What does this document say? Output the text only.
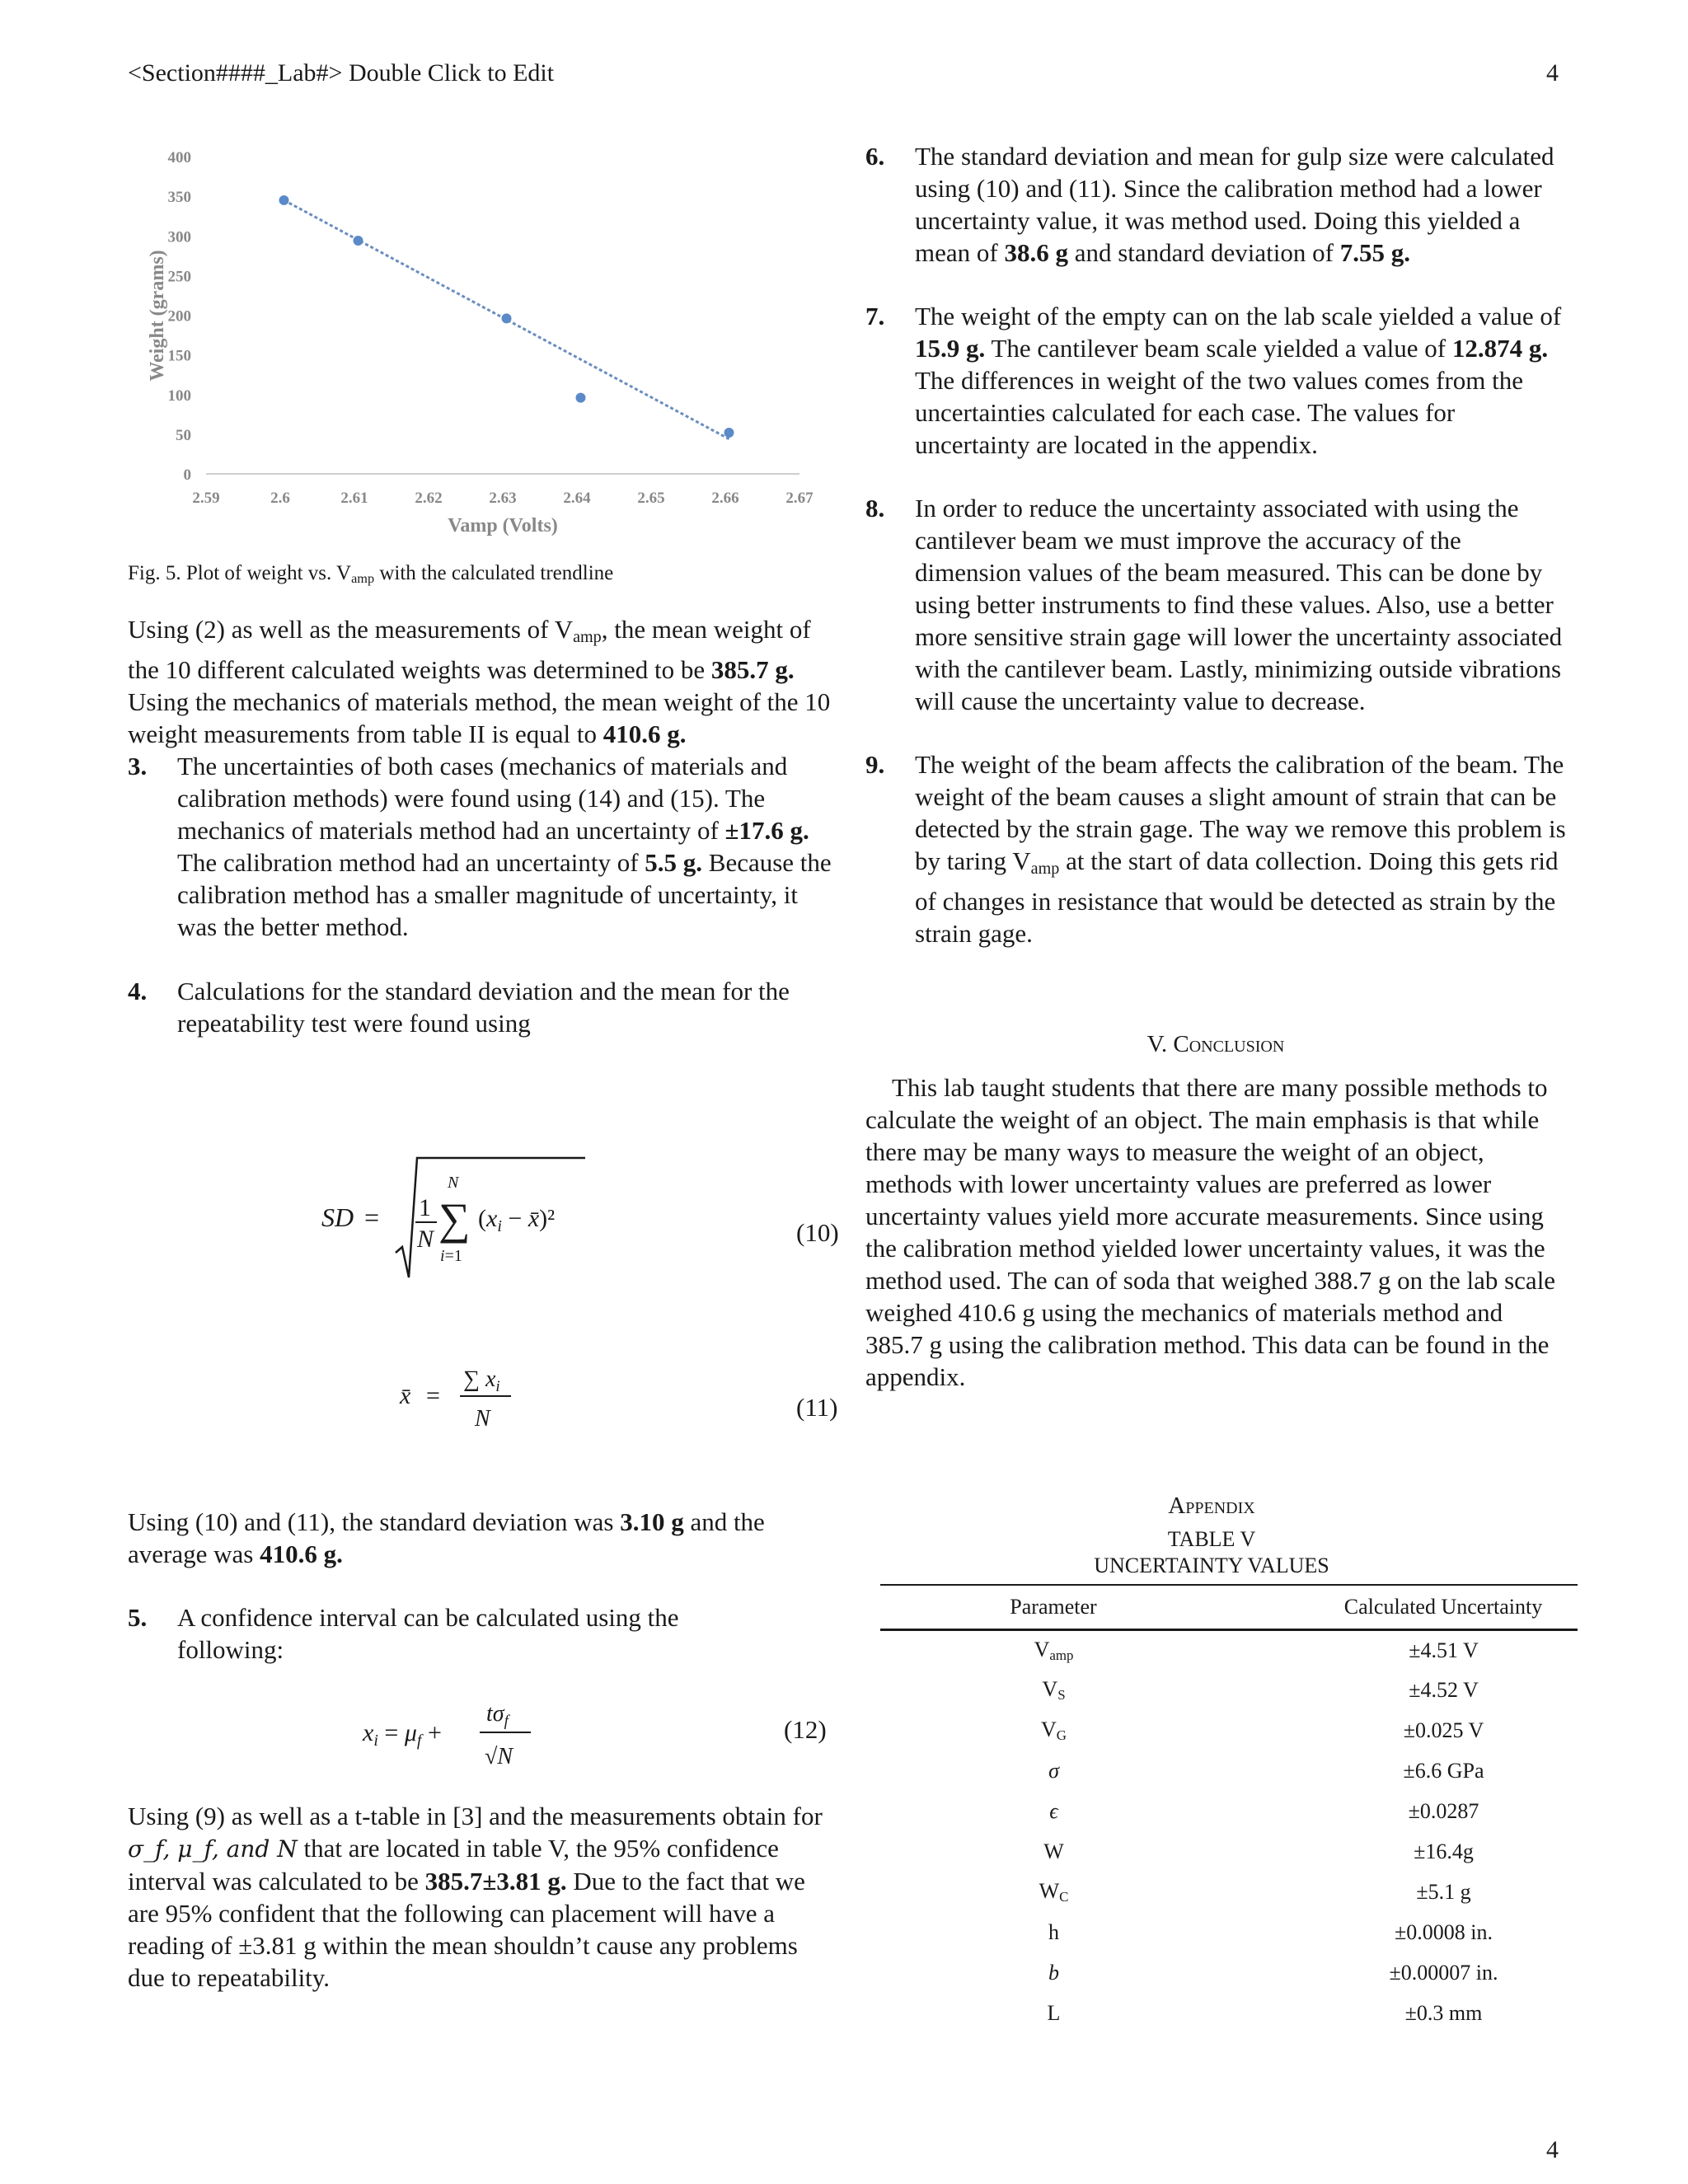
<Section####_Lab#> Double Click to Edit	4
2.59	2.6	2.61	2.62	2.63	2.64	2.65	2.66	2.67
0
50
100
150
200
250
300
350
400
Vamp (Volts)
Weight (grams)
Fig. 5. Plot of weight vs. $V_{amp}$ with the calculated trendline

Using (2) as well as the measurements of $V_{amp}$, the mean weight of the 10 different calculated weights was determined to be 385.7 g. Using the mechanics of materials method, the mean weight of the 10 weight measurements from table II is equal to 410.6 g.

3. The uncertainties of both cases (mechanics of materials and calibration methods) were found using (14) and (15). The mechanics of materials method had an uncertainty of ±17.6 g. The calibration method had an uncertainty of 5.5 g. Because the calibration method has a smaller magnitude of uncertainty, it was the better method.
4. Calculations for the standard deviation and the mean for the repeatability test were found using
SD = 1
N
N
∑
i=1
($x_i$ − x̄)²	(10)
x̄ =
∑ $x_i$
N	(11)

Using (10) and (11), the standard deviation was 3.10 g and the average was 410.6 g.

5. A confidence interval can be calculated using the following:
$x_i = \mu_f$ +
$t\sigma_f$
√N
(12)
Using (9) as well as a t-table in [3] and the measurements obtain for σ_f, μ_f, and N that are located in table V, the 95% confidence interval was calculated to be 385.7±3.81 g. Due to the fact that we are 95% confident that the following can placement will have a reading of ±3.81 g within the mean shouldn’t cause any problems due to repeatability.
6. The standard deviation and mean for gulp size were calculated using (10) and (11). Since the calibration method had a lower uncertainty value, it was method used. Doing this yielded a mean of 38.6 g and standard deviation of 7.55 g.
7. The weight of the empty can on the lab scale yielded a value of 15.9 g. The cantilever beam scale yielded a value of 12.874 g. The differences in weight of the two values comes from the uncertainties calculated for each case. The values for uncertainty are located in the appendix.
8. In order to reduce the uncertainty associated with using the cantilever beam we must improve the accuracy of the dimension values of the beam measured. This can be done by using better instruments to find these values. Also, use a better more sensitive strain gage will lower the uncertainty associated with the cantilever beam. Lastly, minimizing outside vibrations will cause the uncertainty value to decrease.
9. The weight of the beam affects the calibration of the beam. The weight of the beam causes a slight amount of strain that can be detected by the strain gage. The way we remove this problem is by taring $V_{amp}$ at the start of data collection. Doing this gets rid of changes in resistance that would be detected as strain by the strain gage.
V. Conclusion
This lab taught students that there are many possible methods to calculate the weight of an object. The main emphasis is that while there may be many ways to measure the weight of an object, methods with lower uncertainty values are preferred as lower uncertainty values yield more accurate measurements. Since using the calibration method yielded lower uncertainty values, it was the method used. The can of soda that weighed 388.7 g on the lab scale weighed 410.6 g using the mechanics of materials method and 385.7 g using the calibration method. This data can be found in the appendix.
Appendix
TABLE V
UNCERTAINTY VALUES
Parameter	Calculated Uncertainty
$V_{amp}$	±4.51 V
$V_S$	±4.52 V
$V_G$	±0.025 V
σ	±6.6 GPa
ϵ	±0.0287
W	±16.4g
$W_C$	±5.1 g
h	±0.0008 in.
b	±0.00007 in.
L	±0.3 mm
4
